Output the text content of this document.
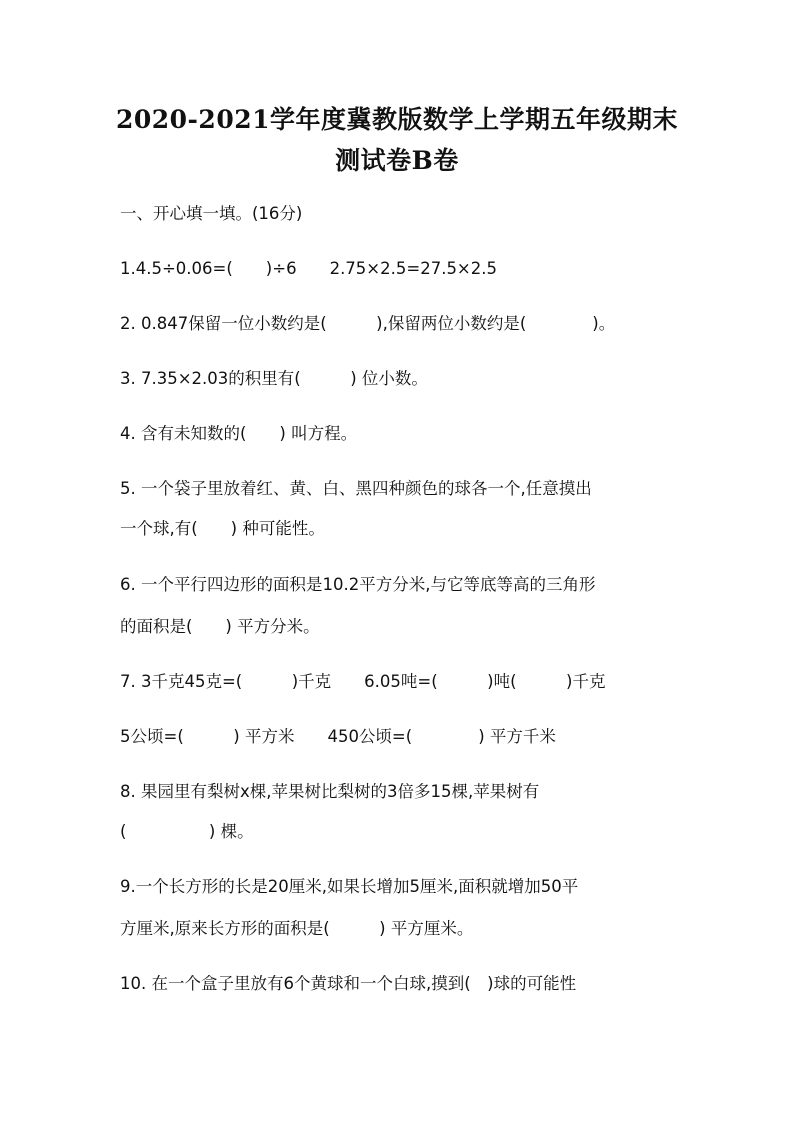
2020-2021学年度冀教版数学上学期五年级期末
测试卷B卷
一、开心填一填。(16分)
1.4.5÷0.06=(　　)÷6　　2.75×2.5=27.5×2.5
2. 0.847保留一位小数约是(　　　),保留两位小数约是(　　　　)。
3. 7.35×2.03的积里有(　　　) 位小数。
4. 含有未知数的(　　) 叫方程。
5. 一个袋子里放着红、黄、白、黑四种颜色的球各一个,任意摸出
一个球,有(　　) 种可能性。
6. 一个平行四边形的面积是10.2平方分米,与它等底等高的三角形
的面积是(　　) 平方分米。
7. 3千克45克=(　　　)千克　　6.05吨=(　　　)吨(　　　)千克
5公顷=(　　　) 平方米　　450公顷=(　　　　) 平方千米
8. 果园里有梨树x棵,苹果树比梨树的3倍多15棵,苹果树有
(　　　　　) 棵。
9.一个长方形的长是20厘米,如果长增加5厘米,面积就增加50平
方厘米,原来长方形的面积是(　　　) 平方厘米。
10. 在一个盒子里放有6个黄球和一个白球,摸到(　)球的可能性
